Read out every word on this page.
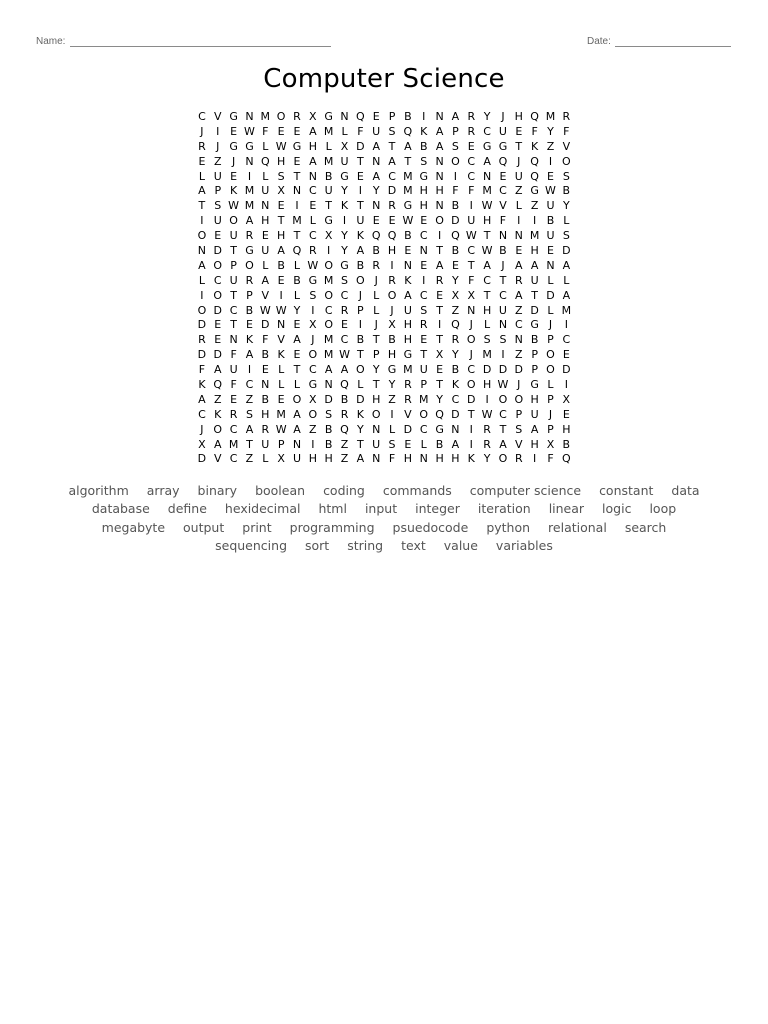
Name:	Date:
Computer Science
C V G N M O R X G N Q E P B I N A R Y J H Q M R
J I E W F E E A M L F U S Q K A P R C U E F Y F
R J G G L W G H L X D A T A B A S E G G T K Z V
E Z J N Q H E A M U T N A T S N O C A Q J Q I O
L U E I L S T N B G E A C M G N I C N E U Q E S
A P K M U X N C U Y I Y D M H H F F M C Z G W B
T S W M N E I E T K T N R G H N B I W V L Z U Y
I U O A H T M L G I U E E W E O D U H F I I B L
O E U R E H T C X Y K Q Q B C I Q W T N N M U S
N D T G U A Q R I Y A B H E N T B C W B E H E D
A O P O L B L W O G B R I N E A E T A J A A N A
L C U R A E B G M S O J R K I R Y F C T R U L L
I O T P V I L S O C J L O A C E X X T C A T D A
O D C B W W Y I C R P L J U S T Z N H U Z D L M
D E T E D N E X O E I J X H R I Q J L N C G J I
R E N K F V A J M C B T B H E T R O S S N B P C
D D F A B K E O M W T P H G T X Y J M I Z P O E
F A U I E L T C A A O Y G M U E B C D D D P O D
K Q F C N L L G N Q L T Y R P T K O H W J G L I
A Z E Z B E O X D B D H Z R M Y C D I O O H P X
C K R S H M A O S R K O I V O Q D T W C P U J E
J O C A R W A Z B Q Y N L D C G N I R T S A P H
X A M T U P N I B Z T U S E L B A I R A V H X B
D V C Z L X U H H Z A N F H N H H K Y O R I F Q
algorithm array binary boolean coding commands computer science constant data
database define hexidecimal html input integer iteration linear logic loop
megabyte output print programming psuedocode python relational search
sequencing sort string text value variables
